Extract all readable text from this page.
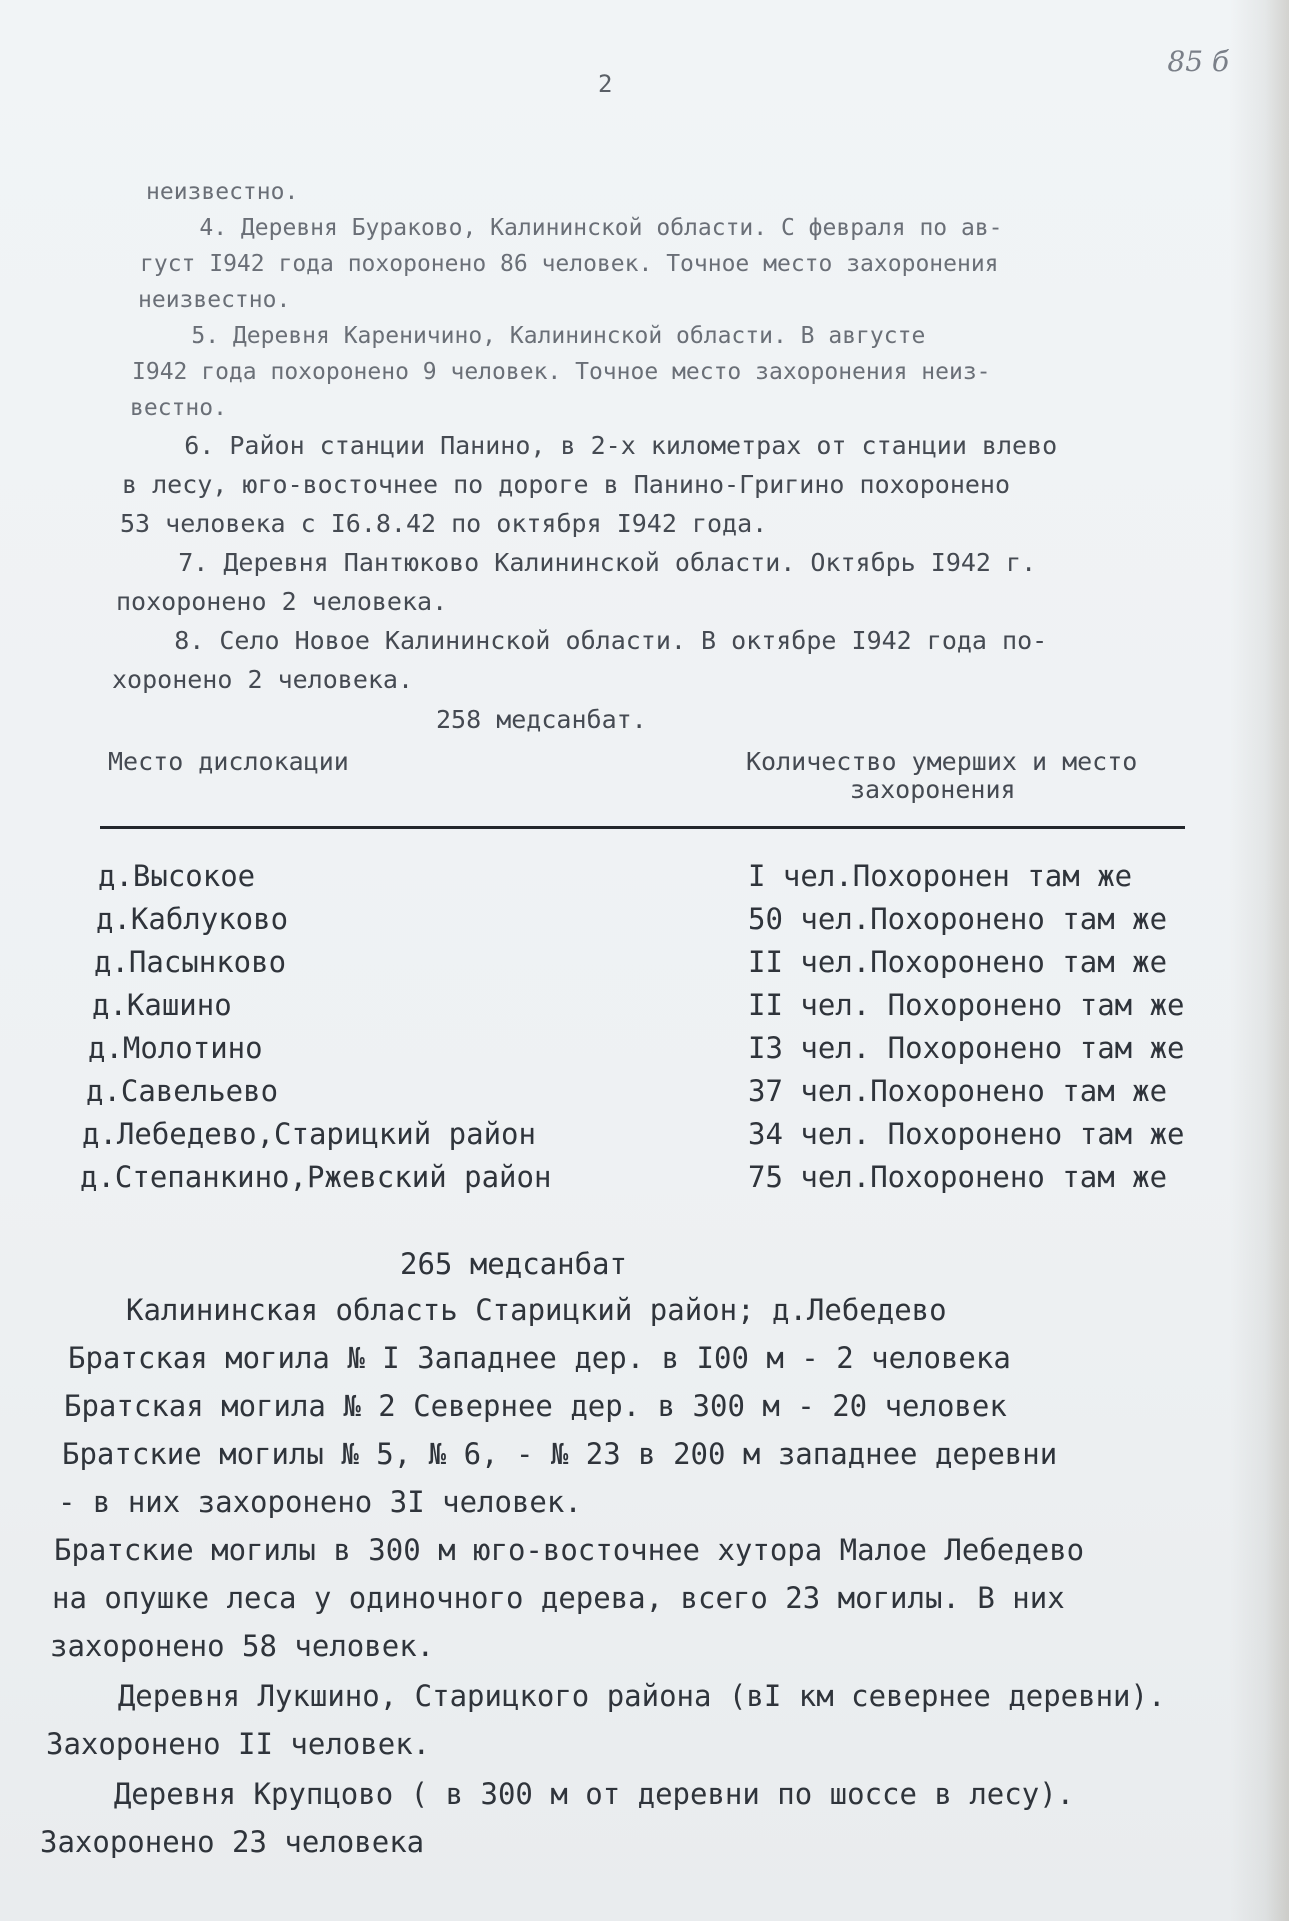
2
85 б
неизвестно.
4. Деревня Бураково, Калининской области. С февраля по ав-
густ I942 года похоронено 86 человек. Точное место захоронения
неизвестно.
5. Деревня Кареничино, Калининской области. В августе
I942 года похоронено 9 человек. Точное место захоронения неиз-
вестно.
6. Район станции Панино, в 2-х километрах от станции влево
в лесу, юго-восточнее по дороге в Панино-Григино похоронено
53 человека с I6.8.42 по октября I942 года.
7. Деревня Пантюково Калининской области. Октябрь I942 г.
похоронено 2 человека.
8. Село Новое Калининской области. В октябре I942 года по-
хоронено 2 человека.
258 медсанбат.
Место дислокации	Количество умерших и место
захоронения
д.Высокое	I чел.Похоронен там же
д.Каблуково	50 чел.Похоронено там же
д.Пасынково	II чел.Похоронено там же
д.Кашино	II чел. Похоронено там же
д.Молотино	I3 чел. Похоронено там же
д.Савельево	37 чел.Похоронено там же
д.Лебедево,Старицкий район	34 чел. Похоронено там же
д.Степанкино,Ржевский район	75 чел.Похоронено там же
265 медсанбат
Калининская область Старицкий район; д.Лебедево
Братская могила № I Западнее дер. в I00 м - 2 человека
Братская могила № 2 Севернее дер. в 300 м - 20 человек
Братские могилы № 5, № 6, - № 23 в 200 м западнее деревни
- в них захоронено 3I человек.
Братские могилы в 300 м юго-восточнее хутора Малое Лебедево
на опушке леса у одиночного дерева, всего 23 могилы. В них
захоронено 58 человек.
Деревня Лукшино, Старицкого района (вI км севернее деревни).
Захоронено II человек.
Деревня Крупцово ( в 300 м от деревни по шоссе в лесу).
Захоронено 23 человека
